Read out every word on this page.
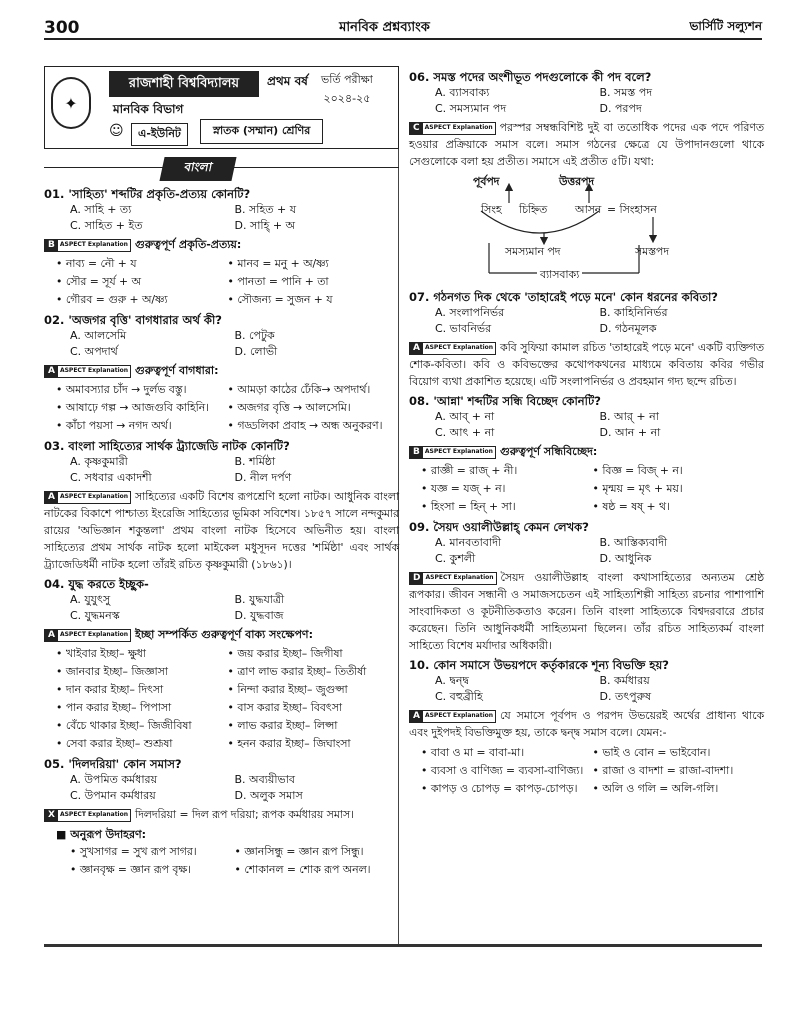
300	মানবিক প্রশ্নব্যাংক	ভার্সিটি সল্যুশন
✦
রাজশাহী বিশ্ববিদ্যালয়	প্রথম বর্ষ ভর্তি পরীক্ষা
২০২৪-২৫
মানবিক বিভাগ
☺	এ-ইউনিট	স্নাতক (সম্মান) শ্রেণির
বাংলা
01. 'সাহিত্য' শব্দটির প্রকৃতি-প্রত্যয় কোনটি?
A. সাহি + ত্য	B. সহিত + য
C. সাহিত + ইত	D. সাহি্ + অ
B ASPECT Explanation গুরুত্বপূর্ণ প্রকৃতি-প্রত্যয়:
• নাব্য = নৌ + য	• মানব = মনু + অ/ষ্ণ্য
• সৌর = সূর্য + অ	• পানতা = পানি + তা
• গৌরব = গুরু + অ/ষ্ণ্য	• সৌজন্য = সুজন + য
02. 'অজগর বৃত্তি' বাগধারার অর্থ কী?
A. আলসেমি	B. পেটুক
C. অপদার্থ	D. লোভী
A ASPECT Explanation গুরুত্বপূর্ণ বাগধারা:
• অমাবস্যার চাঁদ → দুর্লভ বস্তু।	• আমড়া কাঠের ঢেঁকি→ অপদার্থ।
• আষাঢ়ে গল্প → আজগুবি কাহিনি।	• অজগর বৃত্তি → আলসেমি।
• কাঁচা পয়সা → নগদ অর্থ।	• গড্ডলিকা প্রবাহ → অন্ধ অনুকরণ।
03. বাংলা সাহিত্যের সার্থক ট্র্যাজেডি নাটক কোনটি?
A. কৃষ্ণকুমারী	B. শর্মিষ্ঠা
C. সধবার একাদশী	D. নীল দর্পণ
A ASPECT Explanation সাহিত্যের একটি বিশেষ রূপশ্রেণি হলো নাটক। আধুনিক বাংলা নাটকের বিকাশে পাশ্চাত্য ইংরেজি সাহিত্যের ভূমিকা সবিশেষ। ১৮৫৭ সালে নন্দকুমার রায়ের 'অভিজ্ঞান শকুন্তলা' প্রথম বাংলা নাটক হিসেবে অভিনীত হয়। বাংলা সাহিত্যের প্রথম সার্থক নাটক হলো মাইকেল মধুসূদন দত্তের 'শর্মিষ্ঠা' এবং সার্থক ট্র্যাজেডিধর্মী নাটক হলো তাঁরই রচিত কৃষ্ণকুমারী (১৮৬১)।
04. যুদ্ধ করতে ইচ্ছুক-
A. যুযুৎসু	B. যুদ্ধযাত্রী
C. যুদ্ধমনস্ক	D. যুদ্ধবাজ
A ASPECT Explanation ইচ্ছা সম্পর্কিত গুরুত্বপূর্ণ বাক্য সংক্ষেপণ:
• খাইবার ইচ্ছা– ক্ষুধা	• জয় করার ইচ্ছা– জিগীষা
• জানবার ইচ্ছা– জিজ্ঞাসা	• ত্রাণ লাভ করার ইচ্ছা– তিতীর্ষা
• দান করার ইচ্ছা– দিৎসা	• নিন্দা করার ইচ্ছা– জুগুপ্সা
• পান করার ইচ্ছা– পিপাসা	• বাস করার ইচ্ছা– বিবৎসা
• বেঁচে থাকার ইচ্ছা– জিজীবিষা	• লাভ করার ইচ্ছা– লিপ্সা
• সেবা করার ইচ্ছা– শুশ্রূষা	• হনন করার ইচ্ছা– জিঘাংসা
05. 'দিলদরিয়া' কোন সমাস?
A. উপমিত কর্মধারয়	B. অব্যয়ীভাব
C. উপমান কর্মধারয়	D. অলুক সমাস
X ASPECT Explanation দিলদরিয়া = দিল রূপ দরিয়া; রূপক কর্মধারয় সমাস।
■ অনুরূপ উদাহরণ:
• সুখসাগর = সুখ রূপ সাগর।	• জ্ঞানসিন্ধু = জ্ঞান রূপ সিন্ধু।
• জ্ঞানবৃক্ষ = জ্ঞান রূপ বৃক্ষ।	• শোকানল = শোক রূপ অনল।
06. সমস্ত পদের অংশীভূত পদগুলোকে কী পদ বলে?
A. ব্যাসবাক্য	B. সমস্ত পদ
C. সমস্যমান পদ	D. পরপদ
C ASPECT Explanation পরস্পর সম্বন্ধবিশিষ্ট দুই বা ততোধিক পদের এক পদে পরিণত হওয়ার প্রক্রিয়াকে সমাস বলে। সমাস গঠনের ক্ষেত্রে যে উপাদানগুলো থাকে সেগুলোকে বলা হয় প্রতীত। সমাসে এই প্রতীত ৫টি। যথা:
পূর্বপদ	উত্তরপদ
সিংহ চিহ্নিত	আসন = সিংহাসন
সমস্যমান পদ	সমস্তপদ
ব্যাসবাক্য
07. গঠনগত দিক থেকে 'তাহারেই পড়ে মনে' কোন ধরনের কবিতা?
A. সংলাপনির্ভর	B. কাহিনিনির্ভর
C. ভাবনির্ভর	D. গঠনমূলক
A ASPECT Explanation কবি সুফিয়া কামাল রচিত 'তাহারেই পড়ে মনে' একটি ব্যক্তিগত শোক-কবিতা। কবি ও কবিভক্তের কথোপকথনের মাধ্যমে কবিতায় কবির গভীর বিয়োগ ব্যথা প্রকাশিত হয়েছে। এটি সংলাপনির্ভর ও প্রবহমান গদ্য ছন্দে রচিত।
08. 'আন্না' শব্দটির সন্ধি বিচ্ছেদ কোনটি?
A. আব্ + না	B. আর্ + না
C. আৎ + না	D. আন + না
B ASPECT Explanation গুরুত্বপূর্ণ সন্ধিবিচ্ছেদ:
• রাজ্ঞী = রাজ্ + নী।	• বিজ্ঞ = বিজ্ + ন।
• যজ্ঞ = যজ্ + ন।	• মৃন্ময় = মৃৎ + ময়।
• হিংসা = হিন্ + সা।	• ষষ্ঠ = ষষ্ + থ।
09. সৈয়দ ওয়ালীউল্লাহ্ কেমন লেখক?
A. মানবতাবাদী	B. আস্তিক্যবাদী
C. কুশলী	D. আধুনিক
D ASPECT Explanation সৈয়দ ওয়ালীউল্লাহ বাংলা কথাসাহিত্যের অন্যতম শ্রেষ্ঠ রূপকার। জীবন সন্ধানী ও সমাজসচেতন এই সাহিত্যশিল্পী সাহিত্য রচনার পাশাপাশি সাংবাদিকতা ও কূটনীতিকতাও করেন। তিনি বাংলা সাহিত্যকে বিশ্বদরবারে প্রচার করেছেন। তিনি আধুনিকধর্মী সাহিত্যমনা ছিলেন। তাঁর রচিত সাহিত্যকর্ম বাংলা সাহিত্যে বিশেষ মর্যাদার অধিকারী।
10. কোন সমাসে উভয়পদে কর্তৃকারকে শূন্য বিভক্তি হয়?
A. দ্বন্দ্ব	B. কর্মধারয়
C. বহুব্রীহি	D. তৎপুরুষ
A ASPECT Explanation যে সমাসে পূর্বপদ ও পরপদ উভয়েরই অর্থের প্রাধান্য থাকে এবং দুইপদই বিভক্তিমুক্ত হয়, তাকে দ্বন্দ্ব সমাস বলে। যেমন:-
• বাবা ও মা = বাবা-মা।	• ভাই ও বোন = ভাইবোন।
• ব্যবসা ও বাণিজ্য = ব্যবসা-বাণিজ্য।	• রাজা ও বাদশা = রাজা-বাদশা।
• কাপড় ও চোপড় = কাপড়-চোপড়।	• অলি ও গলি = অলি-গলি।
